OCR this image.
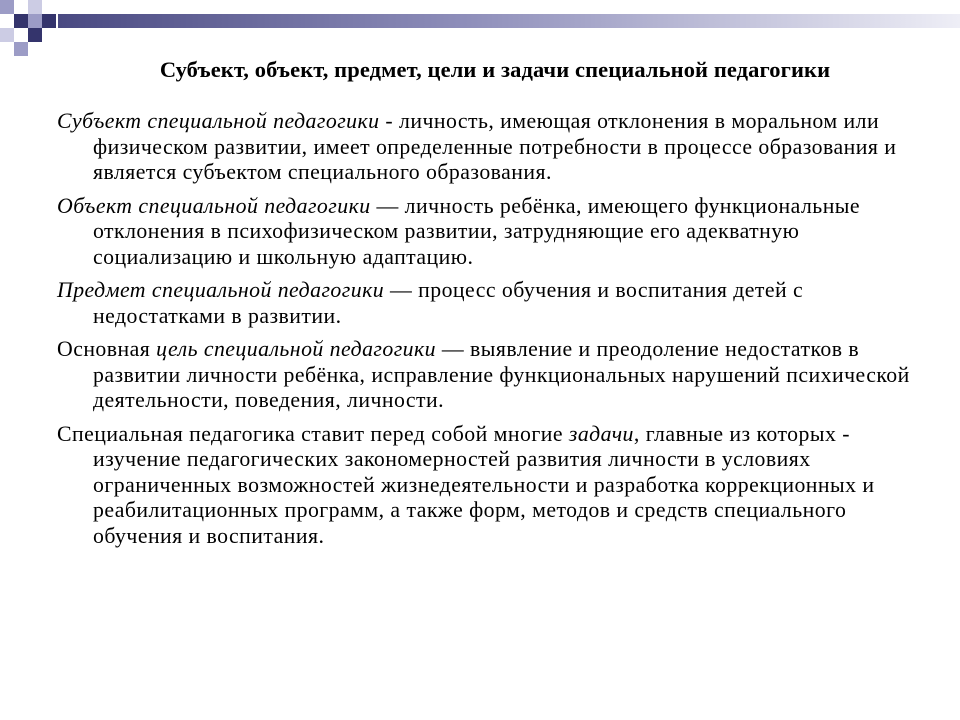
Субъект, объект, предмет, цели и задачи специальной педагогики

Субъект специальной педагогики - личность, имеющая отклонения в моральном или физическом развитии, имеет определенные потребности в процессе образования и является субъектом специального образования.

Объект специальной педагогики — личность ребёнка, имеющего функциональные отклонения в психофизическом развитии, затрудняющие его адекватную социализацию и школьную адаптацию.

Предмет специальной педагогики — процесс обучения и воспитания детей с недостатками в развитии.

Основная цель специальной педагогики — выявление и преодоление недостатков в развитии личности ребёнка, исправление функциональных нарушений психической деятельности, поведения, личности.

Специальная педагогика ставит перед собой многие задачи, главные из которых - изучение педагогических закономерностей развития личности в условиях ограниченных возможностей жизнедеятельности и разработка коррекционных и реабилитационных программ, а также форм, методов и средств специального обучения и воспитания.
